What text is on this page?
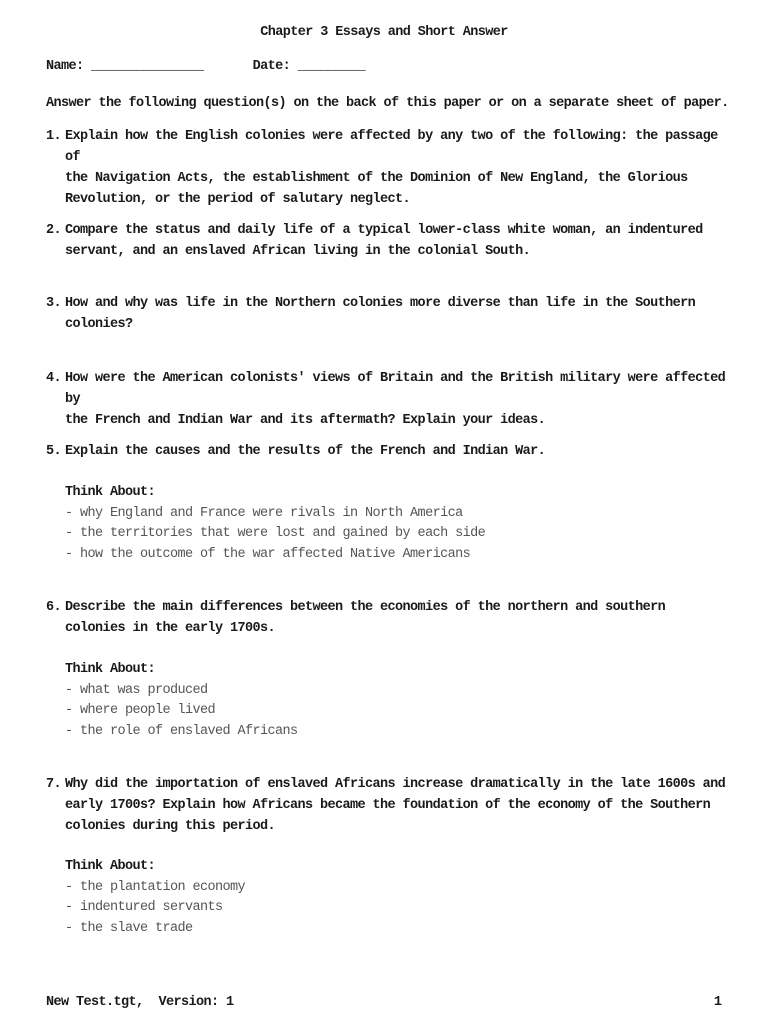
Chapter 3 Essays and Short Answer
Name: _______________	Date: _________
Answer the following question(s) on the back of this paper or on a separate sheet of paper.
1. Explain how the English colonies were affected by any two of the following: the passage of
the Navigation Acts, the establishment of the Dominion of New England, the Glorious
Revolution, or the period of salutary neglect.
2. Compare the status and daily life of a typical lower-class white woman, an indentured
servant, and an enslaved African living in the colonial South.
3. How and why was life in the Northern colonies more diverse than life in the Southern
colonies?
4. How were the American colonists' views of Britain and the British military were affected by
the French and Indian War and its aftermath? Explain your ideas.
5. Explain the causes and the results of the French and Indian War.
Think About:
- why England and France were rivals in North America
- the territories that were lost and gained by each side
- how the outcome of the war affected Native Americans
6. Describe the main differences between the economies of the northern and southern
colonies in the early 1700s.
Think About:
- what was produced
- where people lived
- the role of enslaved Africans
7. Why did the importation of enslaved Africans increase dramatically in the late 1600s and
early 1700s? Explain how Africans became the foundation of the economy of the Southern
colonies during this period.
Think About:
- the plantation economy
- indentured servants
- the slave trade
New Test.tgt,  Version: 1	1
